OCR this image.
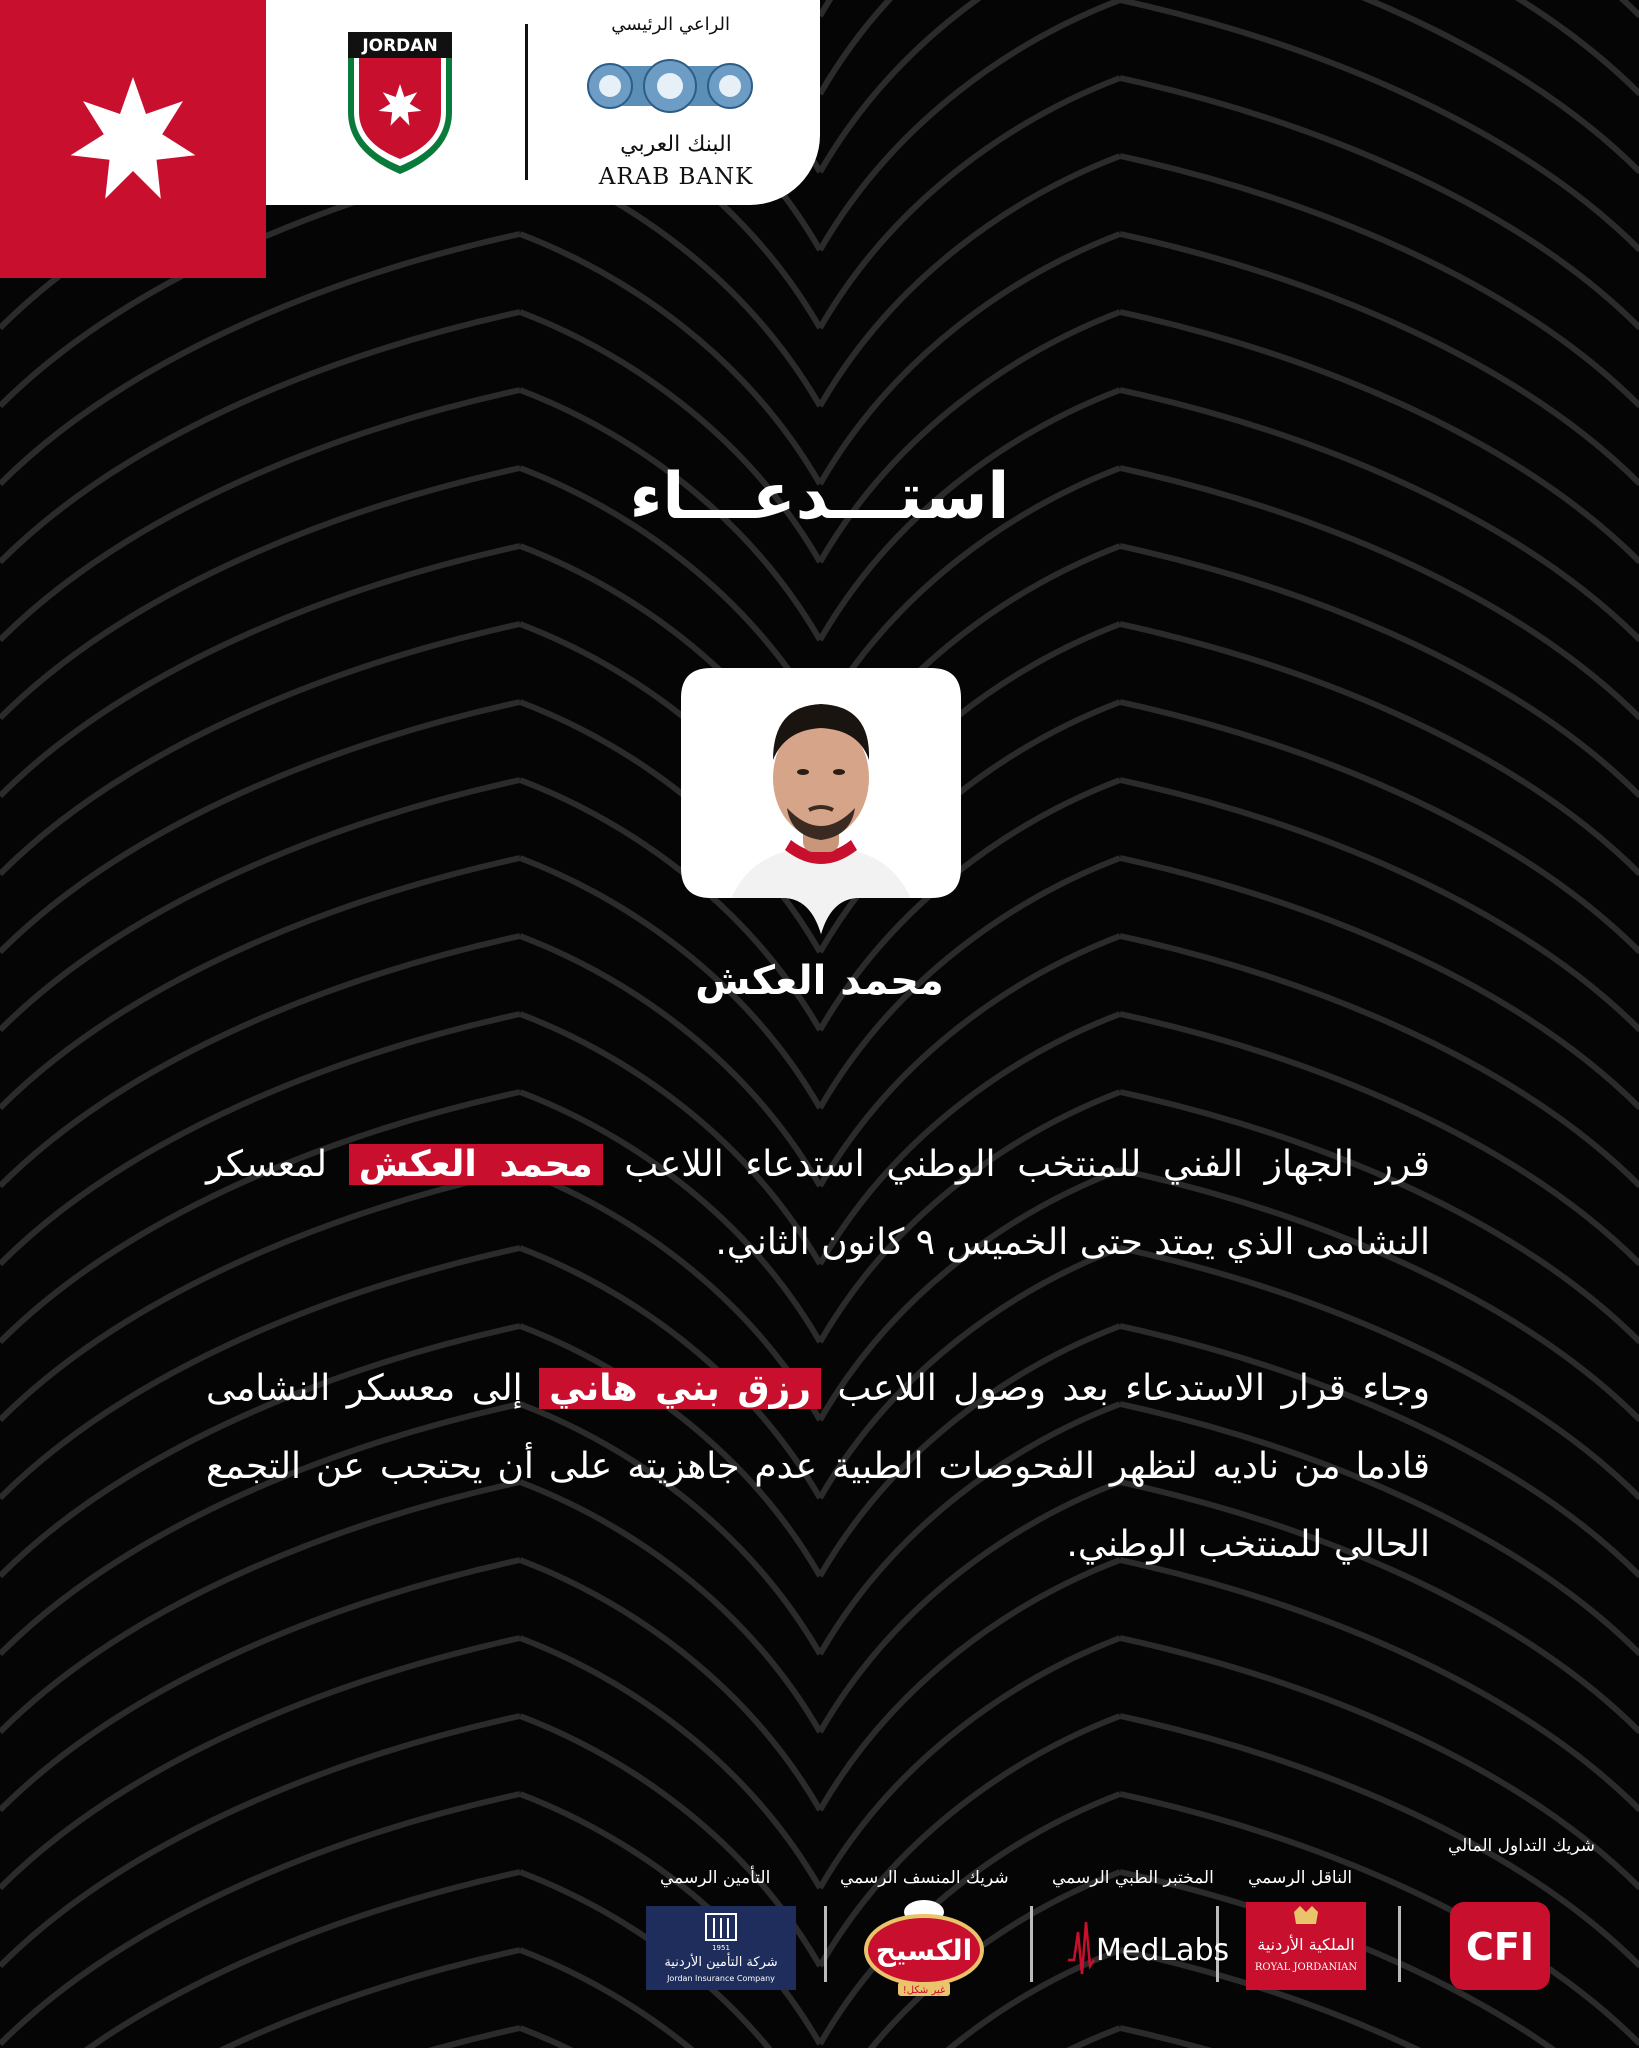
JORDAN
الراعي الرئيسي
البنك العربي
ARAB BANK
استـــدعـــاء
محمد العكش
قرر الجهاز الفني للمنتخب الوطني استدعاء اللاعب محمد العكش لمعسكر النشامى الذي يمتد حتى الخميس ٩ كانون الثاني.
وجاء قرار الاستدعاء بعد وصول اللاعب رزق بني هاني إلى معسكر النشامى قادما من ناديه لتظهر الفحوصات الطبية عدم جاهزيته على أن يحتجب عن التجمع الحالي للمنتخب الوطني.
شريك التداول المالي
الناقل الرسمي
المختبر الطبي الرسمي
شريك المنسف الرسمي
التأمين الرسمي
CFI
الملكية الأردنية
ROYAL JORDANIAN
MedLabs
الكسيح
غير شكل!
1951
شركة التأمين الأردنية
Jordan Insurance Company
